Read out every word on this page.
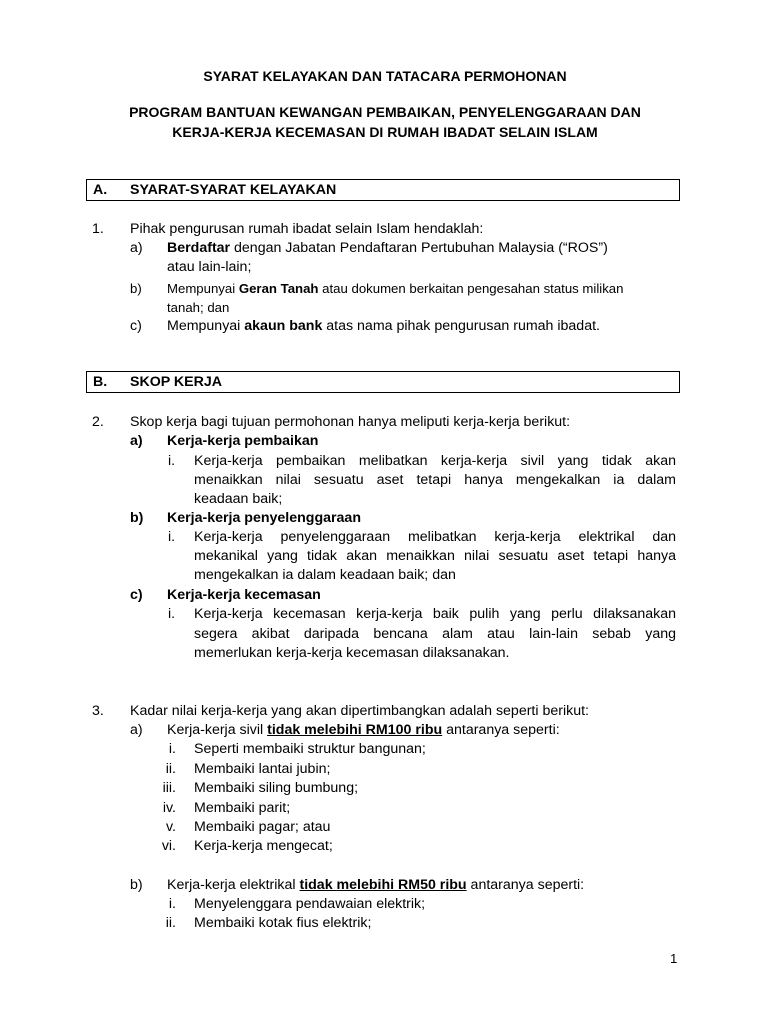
SYARAT KELAYAKAN DAN TATACARA PERMOHONAN
PROGRAM BANTUAN KEWANGAN PEMBAIKAN, PENYELENGGARAAN DAN
KERJA-KERJA KECEMASAN DI RUMAH IBADAT SELAIN ISLAM
A. SYARAT-SYARAT KELAYAKAN
1. Pihak pengurusan rumah ibadat selain Islam hendaklah:
a) Berdaftar dengan Jabatan Pendaftaran Pertubuhan Malaysia (“ROS”)
atau lain-lain;
b) Mempunyai Geran Tanah atau dokumen berkaitan pengesahan status milikan
tanah; dan
c) Mempunyai akaun bank atas nama pihak pengurusan rumah ibadat.
B. SKOP KERJA
2. Skop kerja bagi tujuan permohonan hanya meliputi kerja-kerja berikut:
a) Kerja-kerja pembaikan
i. Kerja-kerja pembaikan melibatkan kerja-kerja sivil yang tidak akan
menaikkan nilai sesuatu aset tetapi hanya mengekalkan ia dalam
keadaan baik;
b) Kerja-kerja penyelenggaraan
i. Kerja-kerja penyelenggaraan melibatkan kerja-kerja elektrikal dan
mekanikal yang tidak akan menaikkan nilai sesuatu aset tetapi hanya
mengekalkan ia dalam keadaan baik; dan
c) Kerja-kerja kecemasan
i. Kerja-kerja kecemasan kerja-kerja baik pulih yang perlu dilaksanakan
segera akibat daripada bencana alam atau lain-lain sebab yang
memerlukan kerja-kerja kecemasan dilaksanakan.
3. Kadar nilai kerja-kerja yang akan dipertimbangkan adalah seperti berikut:
a) Kerja-kerja sivil tidak melebihi RM100 ribu antaranya seperti:
i. Seperti membaiki struktur bangunan;
ii. Membaiki lantai jubin;
iii. Membaiki siling bumbung;
iv. Membaiki parit;
v. Membaiki pagar; atau
vi. Kerja-kerja mengecat;
b) Kerja-kerja elektrikal tidak melebihi RM50 ribu antaranya seperti:
i. Menyelenggara pendawaian elektrik;
ii. Membaiki kotak fius elektrik;
1
